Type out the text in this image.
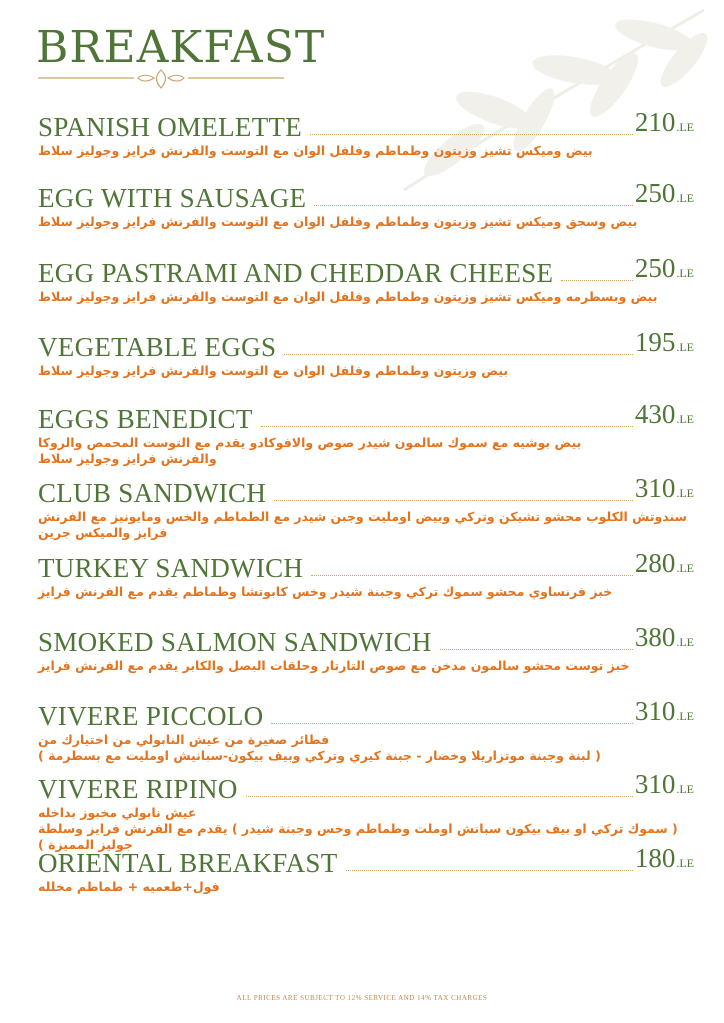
BREAKFAST
SPANISH OMELETTE	210.LE
بيض وميكس تشيز وزيتون وطماطم وفلفل الوان مع التوست والفرنش فرايز وجوليز سلاط
EGG WITH SAUSAGE	250.LE
بيض وسجق وميكس تشيز وزيتون وطماطم وفلفل الوان مع التوست والفرنش فرايز وجوليز سلاط
EGG PASTRAMI AND CHEDDAR CHEESE	250.LE
بيض وبسطرمه وميكس تشيز وزيتون وطماطم وفلفل الوان مع التوست والفرنش فرايز وجوليز سلاط
VEGETABLE EGGS	195.LE
بيض وزيتون وطماطم وفلفل الوان مع التوست والفرنش فرايز وجوليز سلاط
EGGS BENEDICT	430.LE
بيض بوشيه مع سموك سالمون شيدر صوص والافوكادو يقدم مع التوست المحمص والروكا
والفرنش فرايز وجوليز سلاط
CLUB SANDWICH	310.LE
سندوتش الكلوب محشو تشيكن وتركي وبيض اومليت وجبن شيدر مع الطماطم والخس ومايونيز مع الفرنش فرايز والميكس جرين
TURKEY SANDWICH	280.LE
خبز فرنساوي محشو سموك تركي وجبنة شيدر وخس كابوتشا وطماطم يقدم مع الفرنش فرايز
SMOKED SALMON SANDWICH	380.LE
خبز توست محشو سالمون مدخن مع صوص التارتار وحلقات البصل والكابر يقدم مع الفرنش فرايز
VIVERE PICCOLO	310.LE
فطائر صغيرة من عيش النابولي من اختيارك من
( لبنة وجبنة موتزاريلا وخضار - جبنة كيري وتركي وبيف بيكون-سبانيش اومليت مع بسطرمة )
VIVERE RIPINO	310.LE
عيش نابولي مخبوز بداخله
( سموك تركي او بيف بيكون سبانش اوملت وطماطم وخس وجبنة شيدر ) يقدم مع الفرنش فرايز وسلطة جوليز المميزة )
ORIENTAL BREAKFAST	180.LE
فول+طعميه + طماطم مخلله
ALL PRICES ARE SUBJECT TO 12% SERVICE AND 14% TAX CHARGES
